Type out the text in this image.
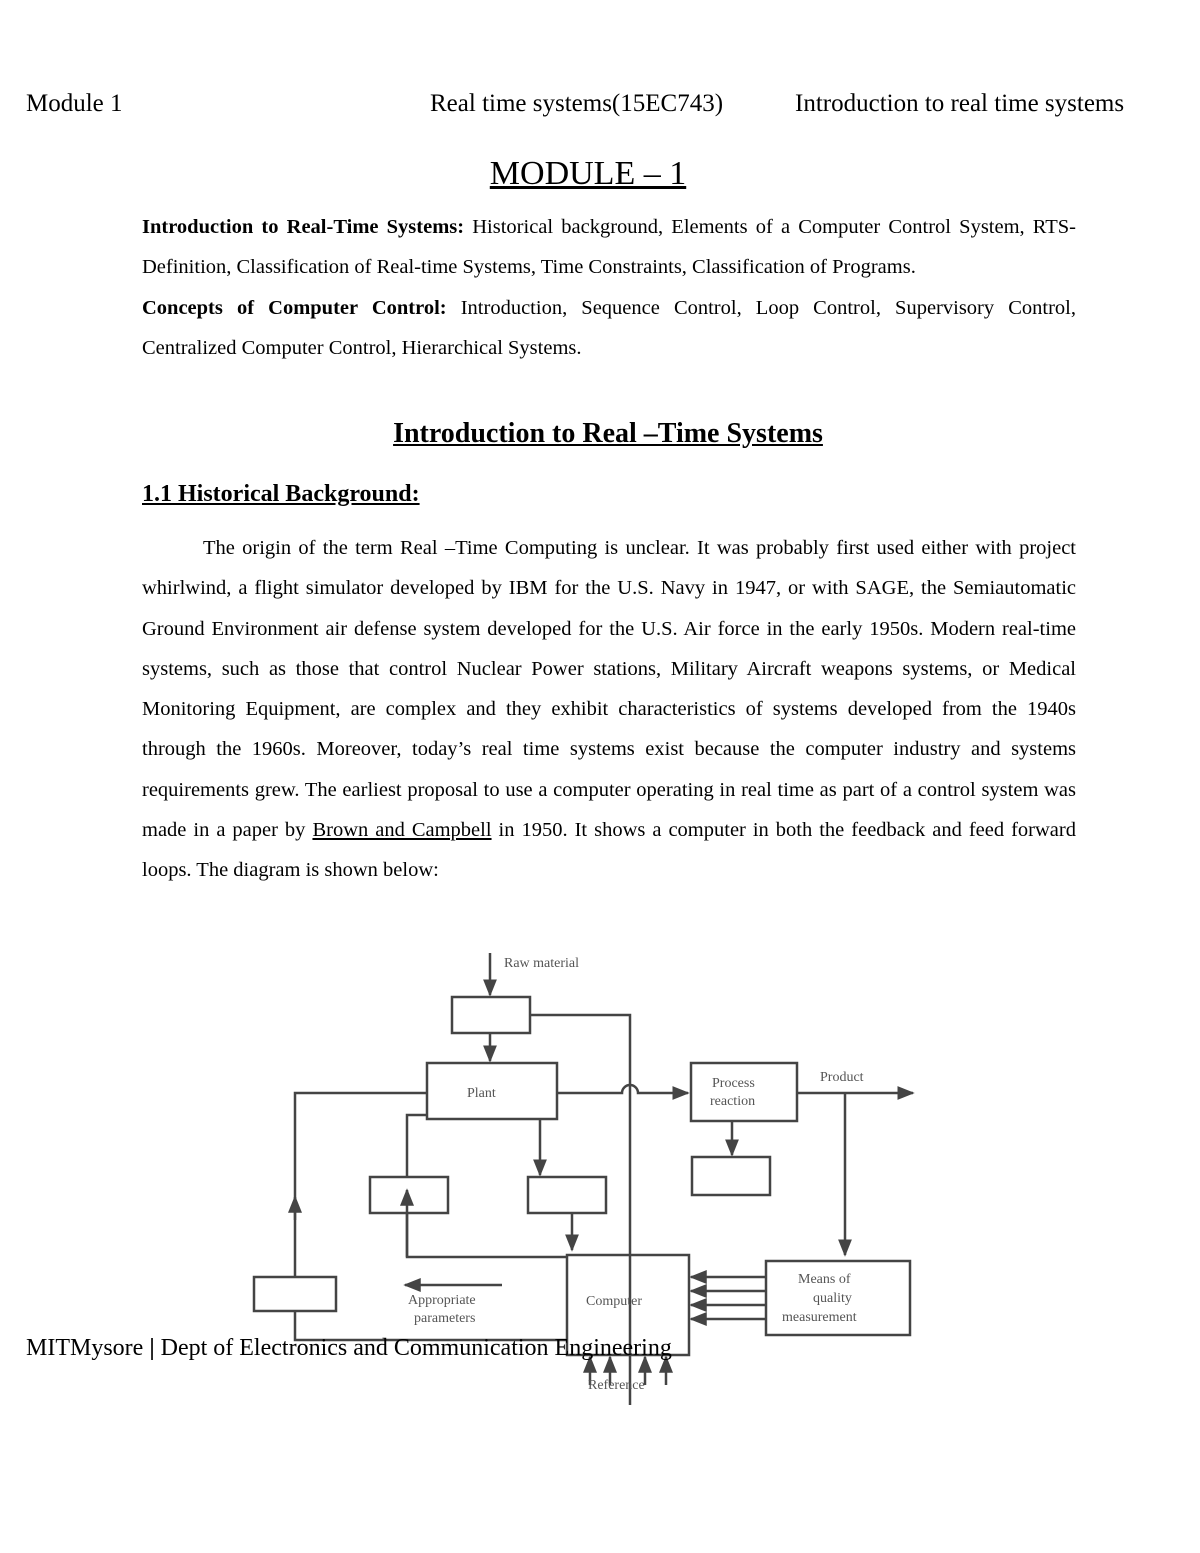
Module 1	Real time systems(15EC743)	Introduction to real time systems
MODULE – 1

Introduction to Real-Time Systems: Historical background, Elements of a Computer Control System, RTS- Definition, Classification of Real-time Systems, Time Constraints, Classification of Programs.
Concepts of Computer Control: Introduction, Sequence Control, Loop Control, Supervisory Control, Centralized Computer Control, Hierarchical Systems.

Introduction to Real –Time Systems
1.1 Historical Background:

The origin of the term Real –Time Computing is unclear. It was probably first used either with project whirlwind, a flight simulator developed by IBM for the U.S. Navy in 1947, or with SAGE, the Semiautomatic Ground Environment air defense system developed for the U.S. Air force in the early 1950s. Modern real-time systems, such as those that control Nuclear Power stations, Military Aircraft weapons systems, or Medical Monitoring Equipment, are complex and they exhibit characteristics of systems developed from the 1940s through the 1960s. Moreover, today’s real time systems exist because the computer industry and systems requirements grew. The earliest proposal to use a computer operating in real time as part of a control system was made in a paper by Brown and Campbell in 1950. It shows a computer in both the feedback and feed forward loops. The diagram is shown below:

Raw material
Plant
Process
reaction
Product
Computer
Appropriate
parameters
Means of
quality
measurement
Reference
MITMysore | Dept of Electronics and Communication Engineering
